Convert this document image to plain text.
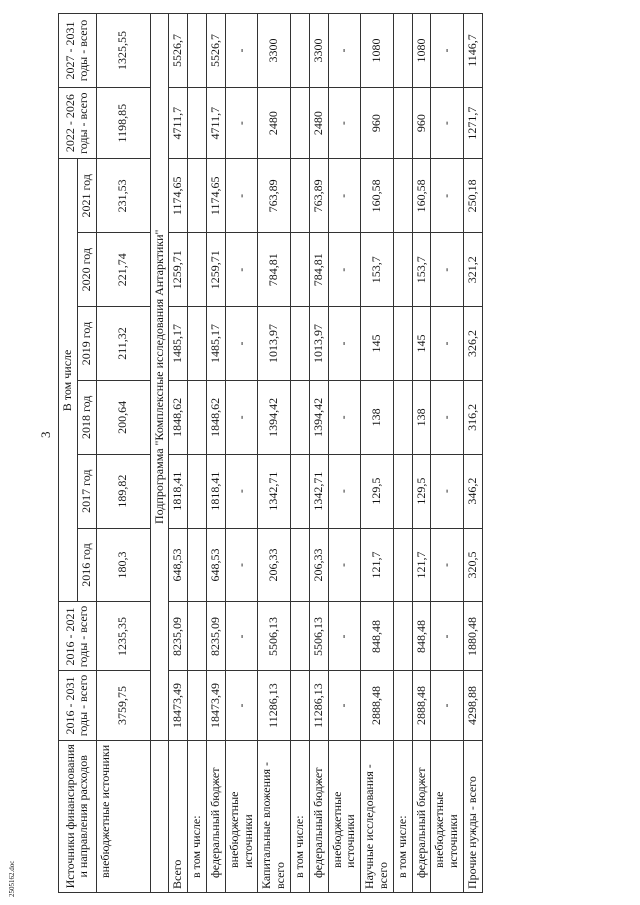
3
2505162.doc	Источники финансирования и направления расходов	2016 - 2031 годы - всего	2016 - 2021 годы - всего	В том числе						2022 - 2026 годы - всего	2027 - 2031 годы - всего
			2016 год	2017 год	2018 год	2019 год	2020 год	2021 год		
внебюджетные источники	3759,75	1235,35	180,3	189,82	200,64	211,32	221,74	231,53	1198,85	1325,55
	Подпрограмма "Комплексные исследования Антарктики"									
Всего	18473,49	8235,09	648,53	1818,41	1848,62	1485,17	1259,71	1174,65	4711,7	5526,7
в том числе:										
федеральный бюджет	18473,49	8235,09	648,53	1818,41	1848,62	1485,17	1259,71	1174,65	4711,7	5526,7
внебюджетные источники	-	-	-	-	-	-	-	-	-	-
Капитальные вложения - всего	11286,13	5506,13	206,33	1342,71	1394,42	1013,97	784,81	763,89	2480	3300
в том числе:										
федеральный бюджет	11286,13	5506,13	206,33	1342,71	1394,42	1013,97	784,81	763,89	2480	3300
внебюджетные источники	-	-	-	-	-	-	-	-	-	-
Научные исследования - всего	2888,48	848,48	121,7	129,5	138	145	153,7	160,58	960	1080
в том числе:										
федеральный бюджет	2888,48	848,48	121,7	129,5	138	145	153,7	160,58	960	1080
внебюджетные источники	-	-	-	-	-	-	-	-	-	-
Прочие нужды - всего	4298,88	1880,48	320,5	346,2	316,2	326,2	321,2	250,18	1271,7	1146,7
